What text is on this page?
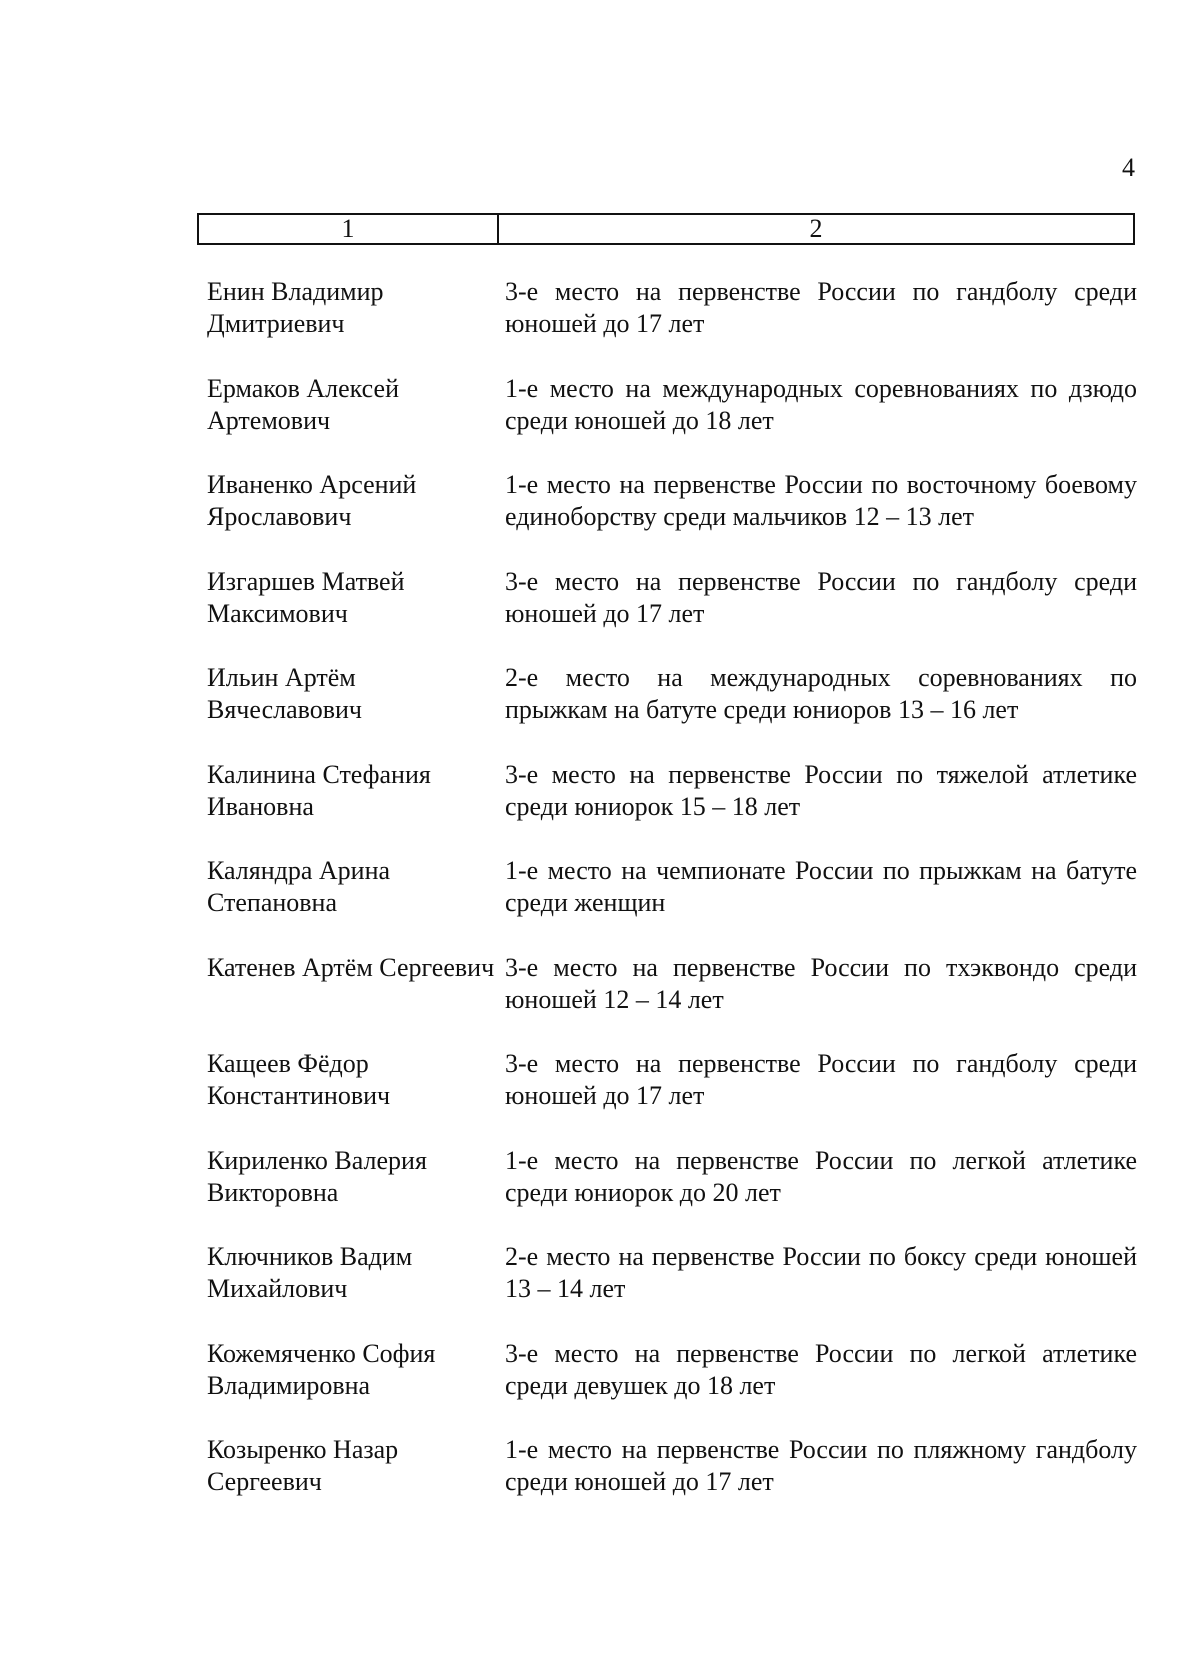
4
1	2
Енин Владимир Дмитриевич
3-е место на первенстве России по гандболу среди юношей до 17 лет
Ермаков Алексей Артемович
1-е место на международных соревнованиях по дзюдо среди юношей до 18 лет
Иваненко Арсений Ярославович
1-е место на первенстве России по восточному боевому единоборству среди мальчиков 12 – 13 лет
Изгаршев Матвей Максимович
3-е место на первенстве России по гандболу среди юношей до 17 лет
Ильин Артём Вячеславович
2-е место на международных соревнованиях по прыжкам на батуте среди юниоров 13 – 16 лет
Калинина Стефания Ивановна
3-е место на первенстве России по тяжелой атлетике среди юниорок 15 – 18 лет
Каляндра Арина Степановна
1-е место на чемпионате России по прыжкам на батуте среди женщин
Катенев Артём Сергеевич 3-е место на первенстве России по тхэквондо среди юношей 12 – 14 лет
Кащеев Фёдор Константинович
3-е место на первенстве России по гандболу среди юношей до 17 лет
Кириленко Валерия Викторовна
1-е место на первенстве России по легкой атлетике среди юниорок до 20 лет
Ключников Вадим Михайлович
2-е место на первенстве России по боксу среди юношей 13 – 14 лет
Кожемяченко София Владимировна
3-е место на первенстве России по легкой атлетике среди девушек до 18 лет
Козыренко Назар Сергеевич
1-е место на первенстве России по пляжному гандболу среди юношей до 17 лет
